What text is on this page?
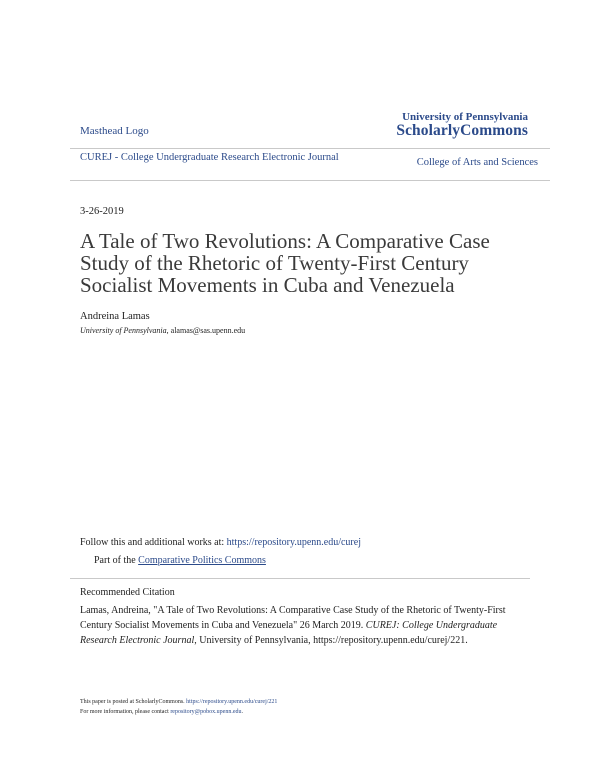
Masthead Logo
University of Pennsylvania
ScholarlyCommons
CUREJ - College Undergraduate Research Electronic Journal	College of Arts and Sciences
3-26-2019
A Tale of Two Revolutions: A Comparative Case Study of the Rhetoric of Twenty-First Century Socialist Movements in Cuba and Venezuela
Andreina Lamas
University of Pennsylvania, alamas@sas.upenn.edu
Follow this and additional works at: https://repository.upenn.edu/curej
Part of the Comparative Politics Commons
Recommended Citation
Lamas, Andreina, "A Tale of Two Revolutions: A Comparative Case Study of the Rhetoric of Twenty-First Century Socialist Movements in Cuba and Venezuela" 26 March 2019. CUREJ: College Undergraduate Research Electronic Journal, University of Pennsylvania, https://repository.upenn.edu/curej/221.
This paper is posted at ScholarlyCommons. https://repository.upenn.edu/curej/221
For more information, please contact repository@pobox.upenn.edu.
